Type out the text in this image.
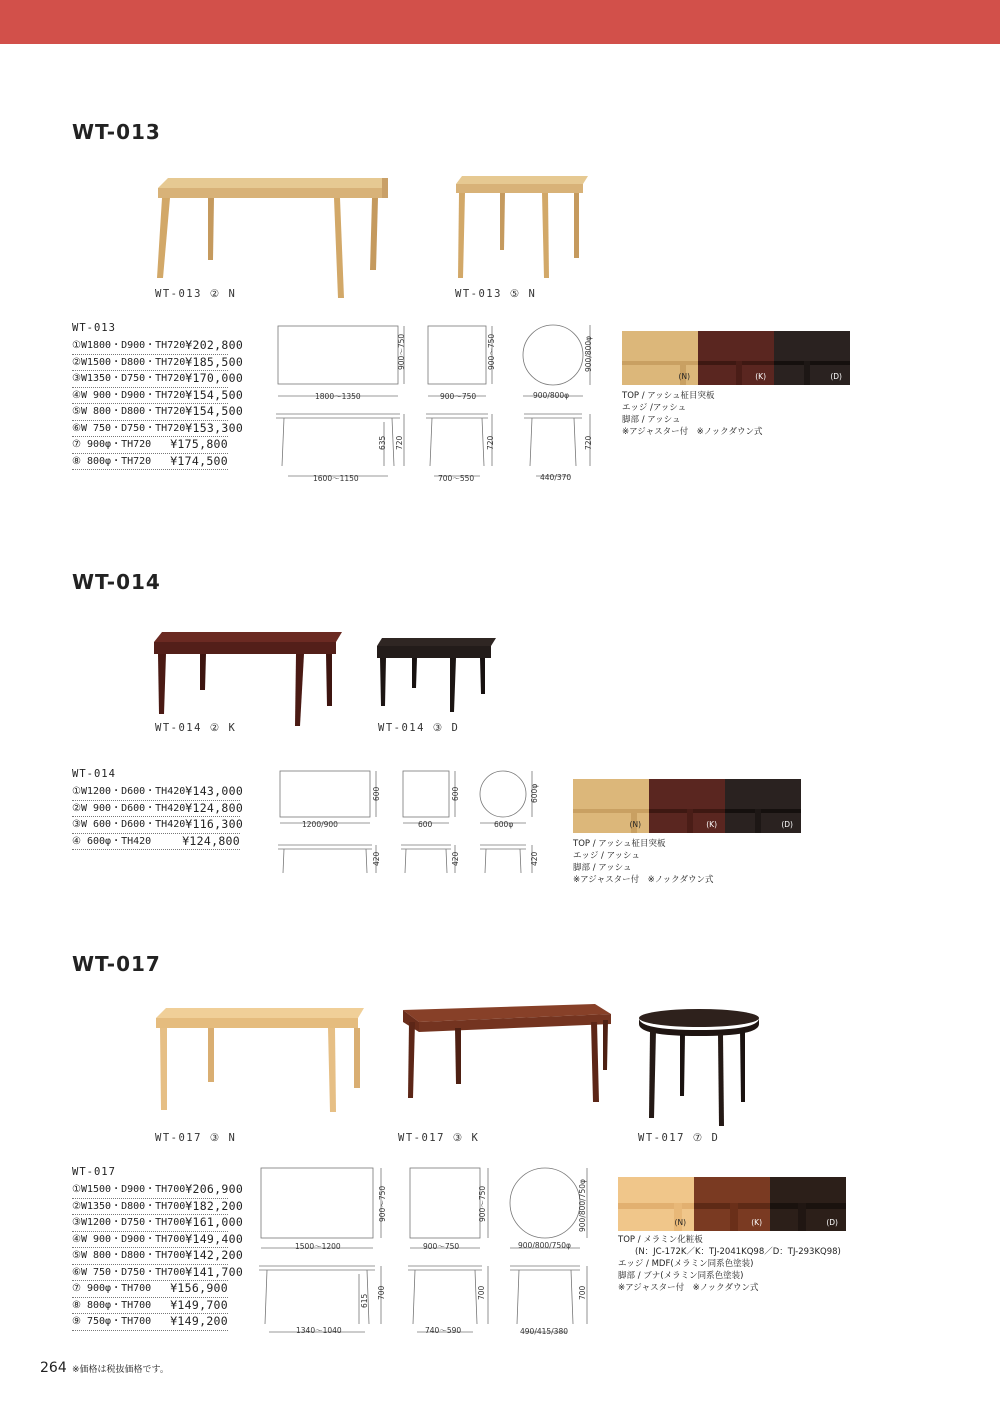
WT-013
WT-013 ② N	WT-013 ⑤ N
WT-013
①W1800・D900・TH720 ¥202,800
②W1500・D800・TH720 ¥185,500
③W1350・D750・TH720 ¥170,000
④W 900・D900・TH720 ¥154,500
⑤W 800・D800・TH720 ¥154,500
⑥W 750・D750・TH720 ¥153,300
⑦ 900φ・TH720 ¥175,800
⑧ 800φ・TH720 ¥174,500
1800～1350
900～750
900～750
900～750
900/800φ
900/800φ
635 720	720	720
1600～1150	700～550	440/370
(N)	(K)	(D)
TOP / アッシュ柾目突板
エッジ /アッシュ
脚部 / アッシュ
※アジャスター付　※ノックダウン式
WT-014
WT-014 ② K	WT-014 ③ D
WT-014
①W1200・D600・TH420 ¥143,000
②W 900・D600・TH420 ¥124,800
③W 600・D600・TH420 ¥116,300
④ 600φ・TH420	¥124,800
1200/900
600
600
600
600φ
600φ
420	420	420
(N)	(K)	(D)
TOP / アッシュ柾目突板
エッジ / アッシュ
脚部 / アッシュ
※アジャスター付　※ノックダウン式
WT-017
WT-017 ③ N	WT-017 ③ K	WT-017 ⑦ D
WT-017
①W1500・D900・TH700 ¥206,900
②W1350・D800・TH700 ¥182,200
③W1200・D750・TH700 ¥161,000
④W 900・D900・TH700 ¥149,400
⑤W 800・D800・TH700 ¥142,200
⑥W 750・D750・TH700 ¥141,700
⑦ 900φ・TH700 ¥156,900
⑧ 800φ・TH700 ¥149,700
⑨ 750φ・TH700 ¥149,200
1500～1200
900～750
900～750
900～750
900/800/750φ
900/800/750φ
615
700	700	700
1340～1040	740～590	490/415/380
(N)	(K)	(D)
TOP / メラミン化粧板
　　(N：JC-172K／K：TJ-2041KQ98／D：TJ-293KQ98)
エッジ / MDF(メラミン同系色塗装)
脚部 / ブナ(メラミン同系色塗装)
※アジャスター付　※ノックダウン式
264 ※価格は税抜価格です。
